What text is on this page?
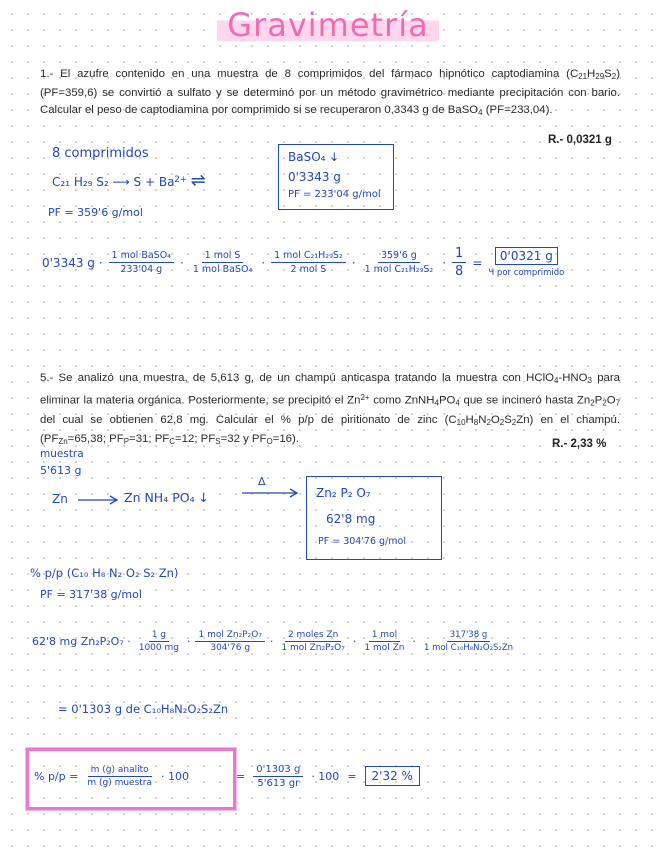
Gravimetría
1.- El azufre contenido en una muestra de 8 comprimidos del fármaco hipnótico captodiamina $(C_{21}H_{29}S_2)$ (PF=359,6) se convirtió a sulfato y se determinó por un método gravimétrico mediante precipitación con bario. Calcular el peso de captodiamina por comprimido si se recuperaron 0,3343 g de BaSO$_4$ (PF=233,04).
R.- 0,0321 g
8 comprimidos
C₂₁ H₂₉ S₂ ⟶ $S + Ba^{2+}$ ⇌
BaSO₄ ↓
0'3343 g
PF = 233'04 g/mol
PF = 359'6 g/mol
0'3343 $g \cdot \frac{\text{1 mol BaSO₄}}{233'04 g} \cdot \frac{\text{1 mol S}}{\text{1 mol BaSO₄}} \cdot \frac{\text{1 mol C₂₁H₂₉S₂}}{\text{2 mol S}} \cdot \frac{359'6 g}{\text{1 mol C₂₁H₂₉S₂}} \cdot \frac{1}{8} = \frac{0'0321 g}{\text{Ч por comprimido}}$
5.- Se analizó una muestra, de 5,613 g, de un champú anticaspa tratando la muestra con $HClO_4-HNO_3$ para eliminar la materia orgánica. Posteriormente, se precipitó el $Zn^{2+}$ como $ZnNH_4PO_4$ que se incineró hasta $Zn_2P_2O_7$ del cual se obtienen 62,8 mg. Calcular el % p/p de piritionato de zinc $(C_{10}H_8N_2O_2S_2Zn)$ en el champú. ($PF_{Zn}=65,38$; $PF_P=31$; $PF_C=12$; $PF_S=32$ y $PF_O=16$).	R.- 2,33 %
muestra
5'613 g
Zn	Zn NH₄ PO₄ ↓
Δ
Zn₂ P₂ O₇
62'8 mg
PF = 304'76 g/mol
% p/p (C₁₀ H₈ N₂ O₂ S₂ Zn)
PF = 317'38 g/mol
62'8 mg $Zn_2P_2O_7 \cdot \frac{1 g}{1000 mg} \cdot \frac{\text{1 mol Zn₂P₂O₇}}{304'76 g} \cdot \frac{\text{2 moles Zn}}{\text{1 mol Zn₂P₂O₇}} \cdot \frac{\text{1 mol}}{\text{1 mol Zn}} \cdot \frac{317'38 g}{\text{1 mol C₁₀H₈N₂O₂S₂Zn}}$
= 0'1303 g de C₁₀H₈N₂O₂S₂Zn
% $p/p = \frac{\text{m (g) analito}}{\text{m (g) muestra}} \cdot 100$	= $\frac{0'1303 g}{5'613 gr} \cdot 100$ =	2'32 %
